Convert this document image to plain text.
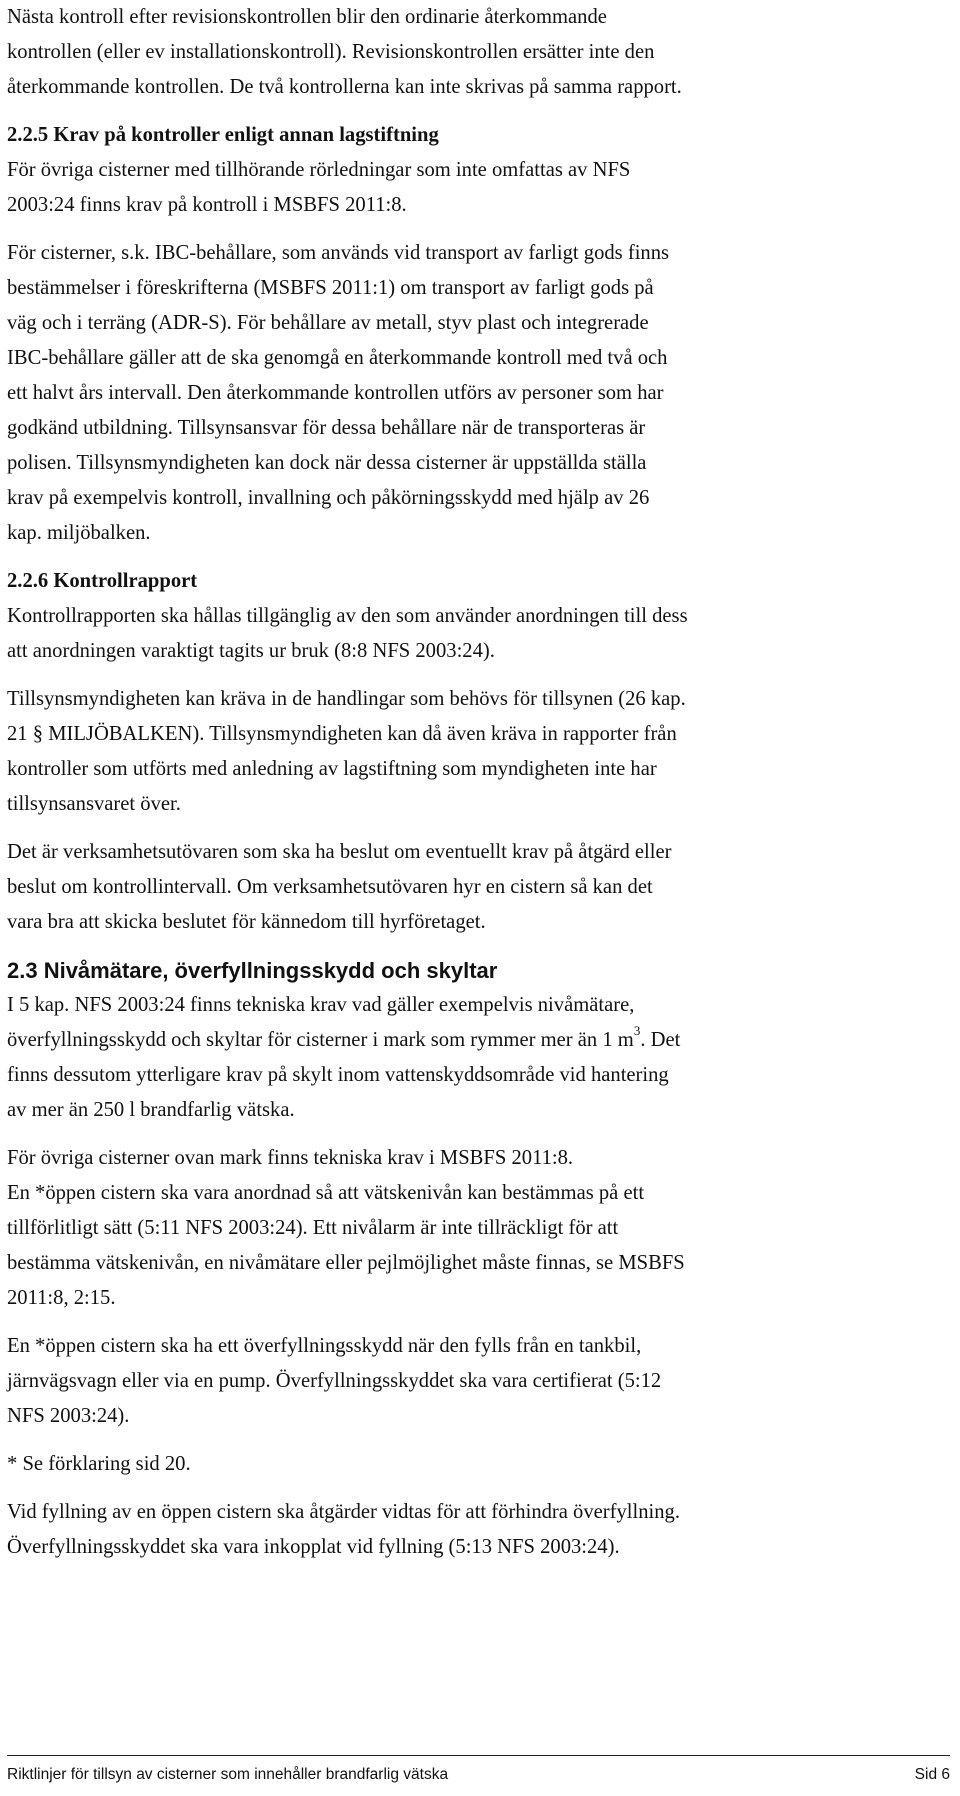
Nästa kontroll efter revisionskontrollen blir den ordinarie återkommande
kontrollen (eller ev installationskontroll). Revisionskontrollen ersätter inte den
återkommande kontrollen. De två kontrollerna kan inte skrivas på samma rapport.
2.2.5 Krav på kontroller enligt annan lagstiftning
För övriga cisterner med tillhörande rörledningar som inte omfattas av NFS
2003:24 finns krav på kontroll i MSBFS 2011:8.
För cisterner, s.k. IBC-behållare, som används vid transport av farligt gods finns
bestämmelser i föreskrifterna (MSBFS 2011:1) om transport av farligt gods på
väg och i terräng (ADR-S). För behållare av metall, styv plast och integrerade
IBC-behållare gäller att de ska genomgå en återkommande kontroll med två och
ett halvt års intervall. Den återkommande kontrollen utförs av personer som har
godkänd utbildning. Tillsynsansvar för dessa behållare när de transporteras är
polisen. Tillsynsmyndigheten kan dock när dessa cisterner är uppställda ställa
krav på exempelvis kontroll, invallning och påkörningsskydd med hjälp av 26
kap. miljöbalken.
2.2.6 Kontrollrapport
Kontrollrapporten ska hållas tillgänglig av den som använder anordningen till dess
att anordningen varaktigt tagits ur bruk (8:8 NFS 2003:24).
Tillsynsmyndigheten kan kräva in de handlingar som behövs för tillsynen (26 kap.
21 § MILJÖBALKEN). Tillsynsmyndigheten kan då även kräva in rapporter från
kontroller som utförts med anledning av lagstiftning som myndigheten inte har
tillsynsansvaret över.
Det är verksamhetsutövaren som ska ha beslut om eventuellt krav på åtgärd eller
beslut om kontrollintervall. Om verksamhetsutövaren hyr en cistern så kan det
vara bra att skicka beslutet för kännedom till hyrföretaget.
2.3 Nivåmätare, överfyllningsskydd och skyltar
I 5 kap. NFS 2003:24 finns tekniska krav vad gäller exempelvis nivåmätare,
överfyllningsskydd och skyltar för cisterner i mark som rymmer mer än 1 $m^3$. Det
finns dessutom ytterligare krav på skylt inom vattenskyddsområde vid hantering
av mer än 250 l brandfarlig vätska.
För övriga cisterner ovan mark finns tekniska krav i MSBFS 2011:8.
En *öppen cistern ska vara anordnad så att vätskenivån kan bestämmas på ett
tillförlitligt sätt (5:11 NFS 2003:24). Ett nivålarm är inte tillräckligt för att
bestämma vätskenivån, en nivåmätare eller pejlmöjlighet måste finnas, se MSBFS
2011:8, 2:15.
En *öppen cistern ska ha ett överfyllningsskydd när den fylls från en tankbil,
järnvägsvagn eller via en pump. Överfyllningsskyddet ska vara certifierat (5:12
NFS 2003:24).
* Se förklaring sid 20.
Vid fyllning av en öppen cistern ska åtgärder vidtas för att förhindra överfyllning.
Överfyllningsskyddet ska vara inkopplat vid fyllning (5:13 NFS 2003:24).
Riktlinjer för tillsyn av cisterner som innehåller brandfarlig vätska	Sid 6
